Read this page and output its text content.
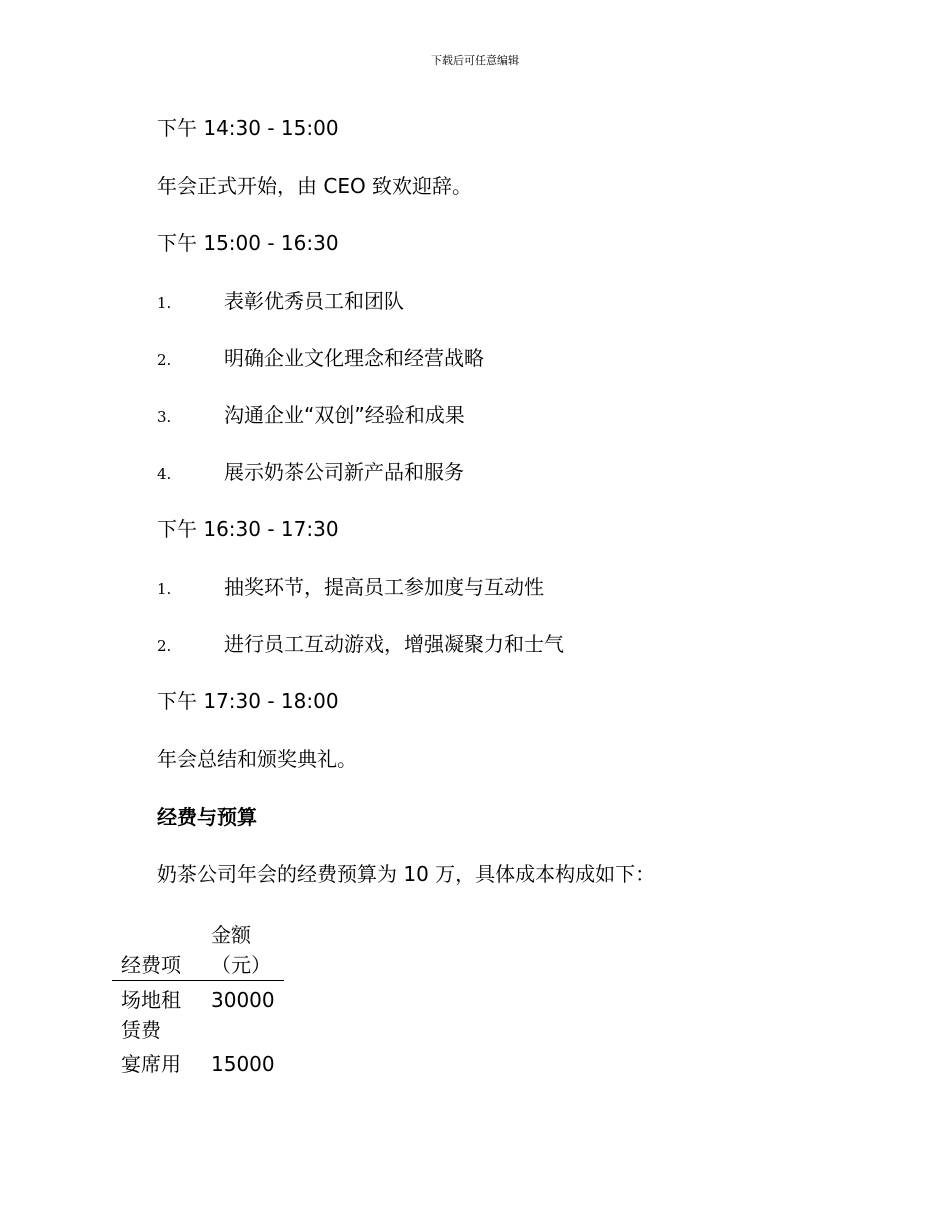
下载后可任意编辑
下午 14:30 - 15:00
年会正式开始，由 CEO 致欢迎辞。
下午 15:00 - 16:30
1.	表彰优秀员工和团队
2.	明确企业文化理念和经营战略
3.	沟通企业“双创”经验和成果
4.	展示奶茶公司新产品和服务
下午 16:30 - 17:30
1.	抽奖环节，提高员工参加度与互动性
2.	进行员工互动游戏，增强凝聚力和士气
下午 17:30 - 18:00
年会总结和颁奖典礼。
经费与预算
奶茶公司年会的经费预算为 10 万，具体成本构成如下：
经费项	金额（元）
场地租赁费	30000
宴席用	15000
